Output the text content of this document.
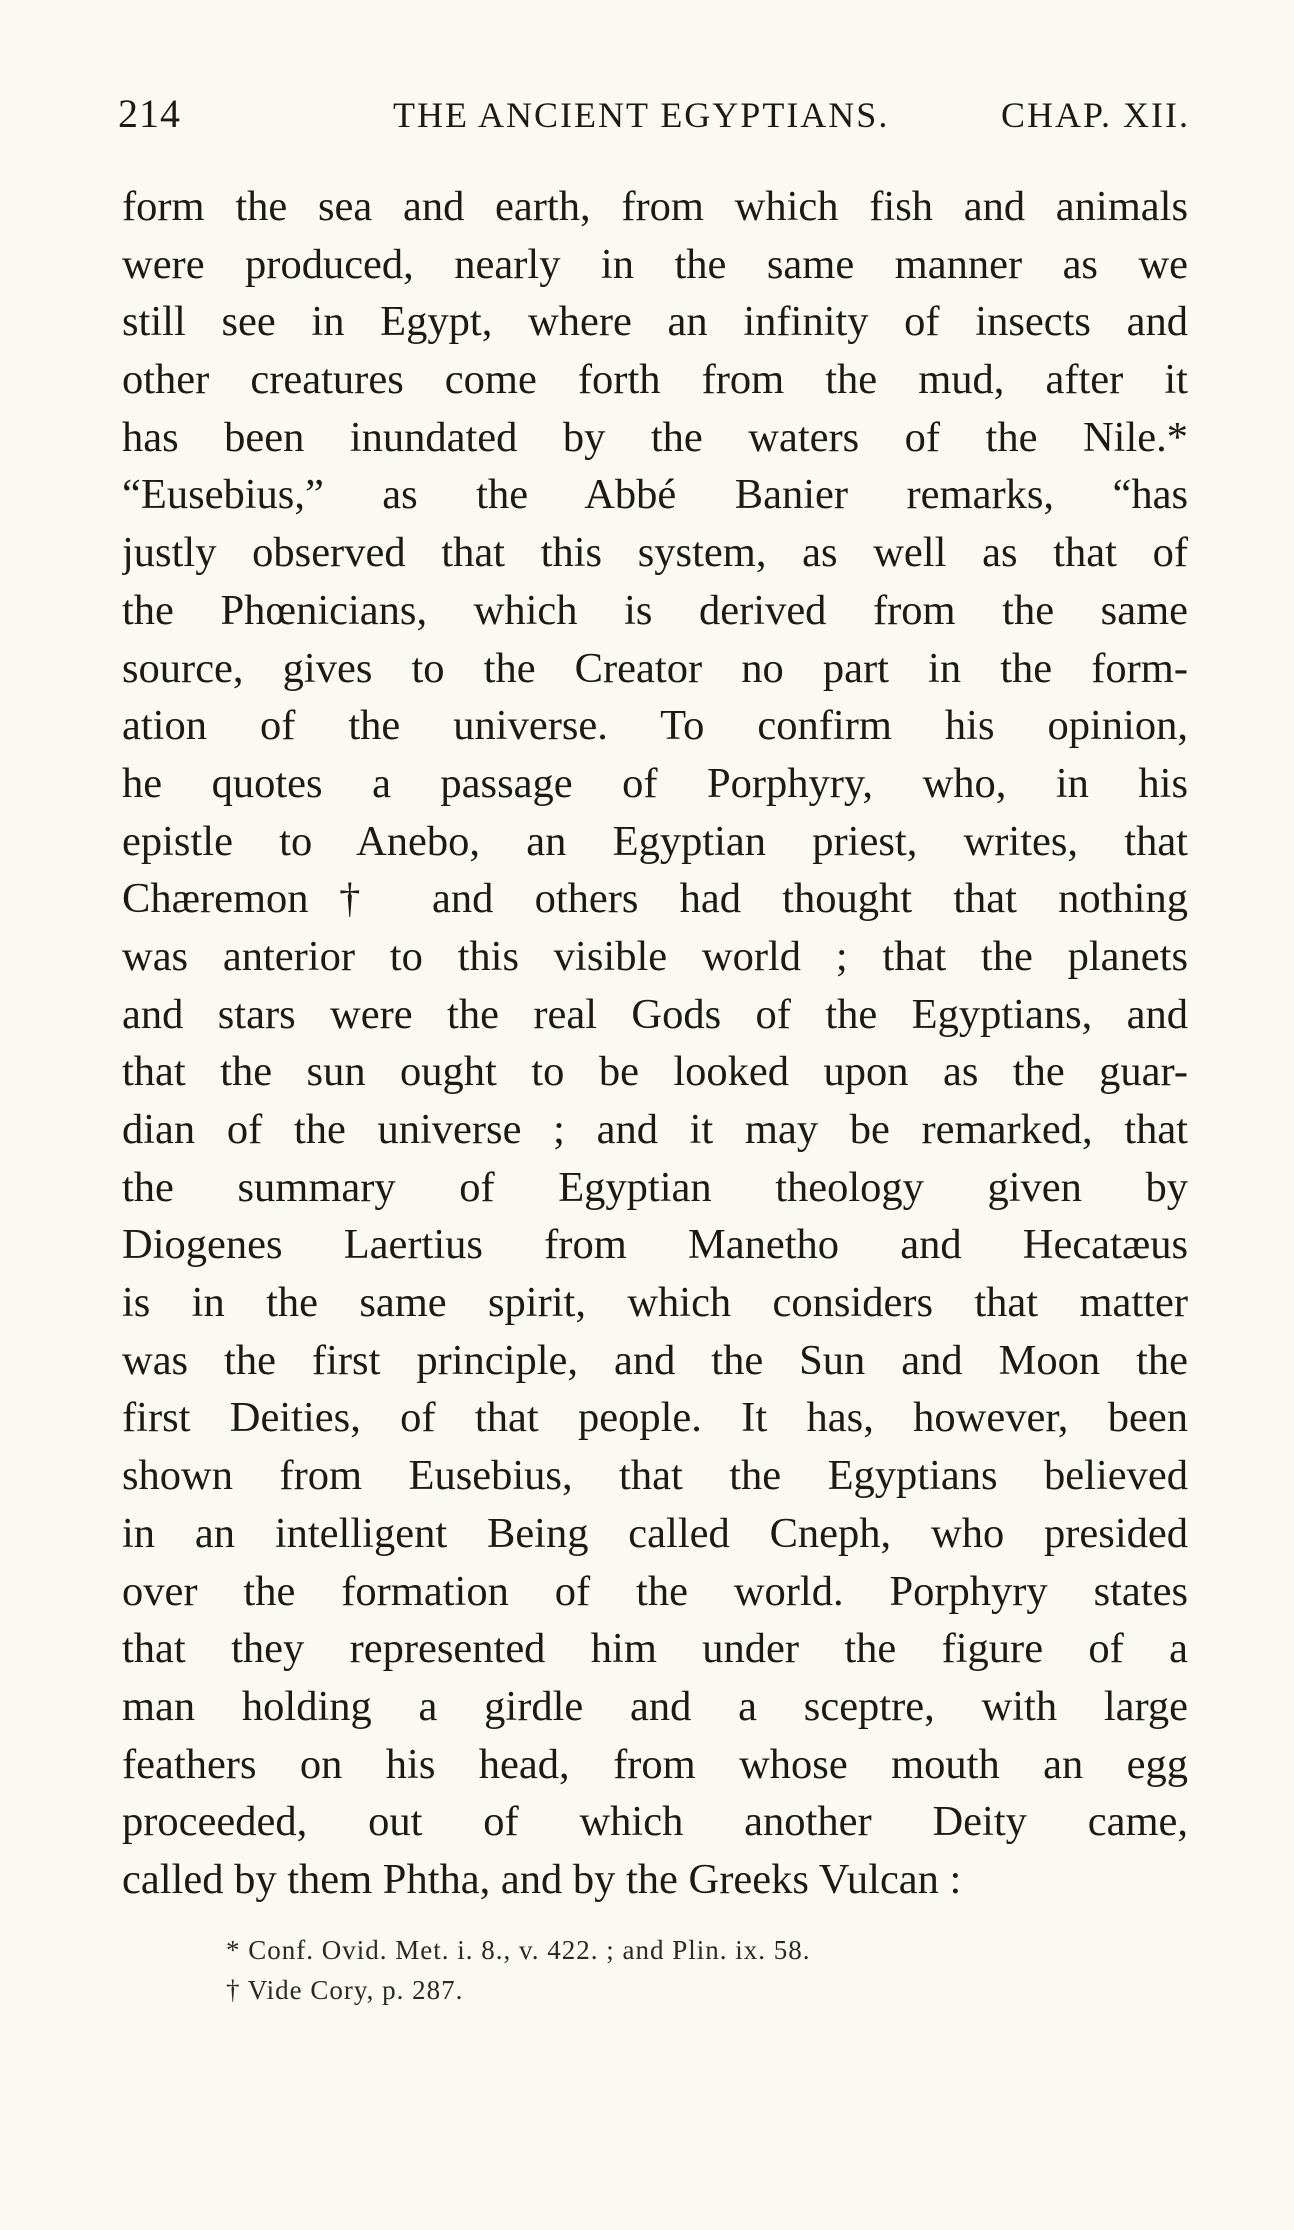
214	THE ANCIENT EGYPTIANS.	CHAP. XII.
form the sea and earth, from which fish and animals
were produced, nearly in the same manner as we
still see in Egypt, where an infinity of insects and
other creatures come forth from the mud, after it
has been inundated by the waters of the Nile.*
“Eusebius,” as the Abbé Banier remarks, “has
justly observed that this system, as well as that of
the Phœnicians, which is derived from the same
source, gives to the Creator no part in the form-
ation of the universe. To confirm his opinion,
he quotes a passage of Porphyry, who, in his
epistle to Anebo, an Egyptian priest, writes, that
Chæremon† and others had thought that nothing
was anterior to this visible world ; that the planets
and stars were the real Gods of the Egyptians, and
that the sun ought to be looked upon as the guar-
dian of the universe ; and it may be remarked, that
the summary of Egyptian theology given by
Diogenes Laertius from Manetho and Hecatæus
is in the same spirit, which considers that matter
was the first principle, and the Sun and Moon the
first Deities, of that people. It has, however, been
shown from Eusebius, that the Egyptians believed
in an intelligent Being called Cneph, who presided
over the formation of the world. Porphyry states
that they represented him under the figure of a
man holding a girdle and a sceptre, with large
feathers on his head, from whose mouth an egg
proceeded, out of which another Deity came,
called by them Phtha, and by the Greeks Vulcan :
* Conf. Ovid. Met. i. 8., v. 422. ; and Plin. ix. 58.
† Vide Cory, p. 287.
